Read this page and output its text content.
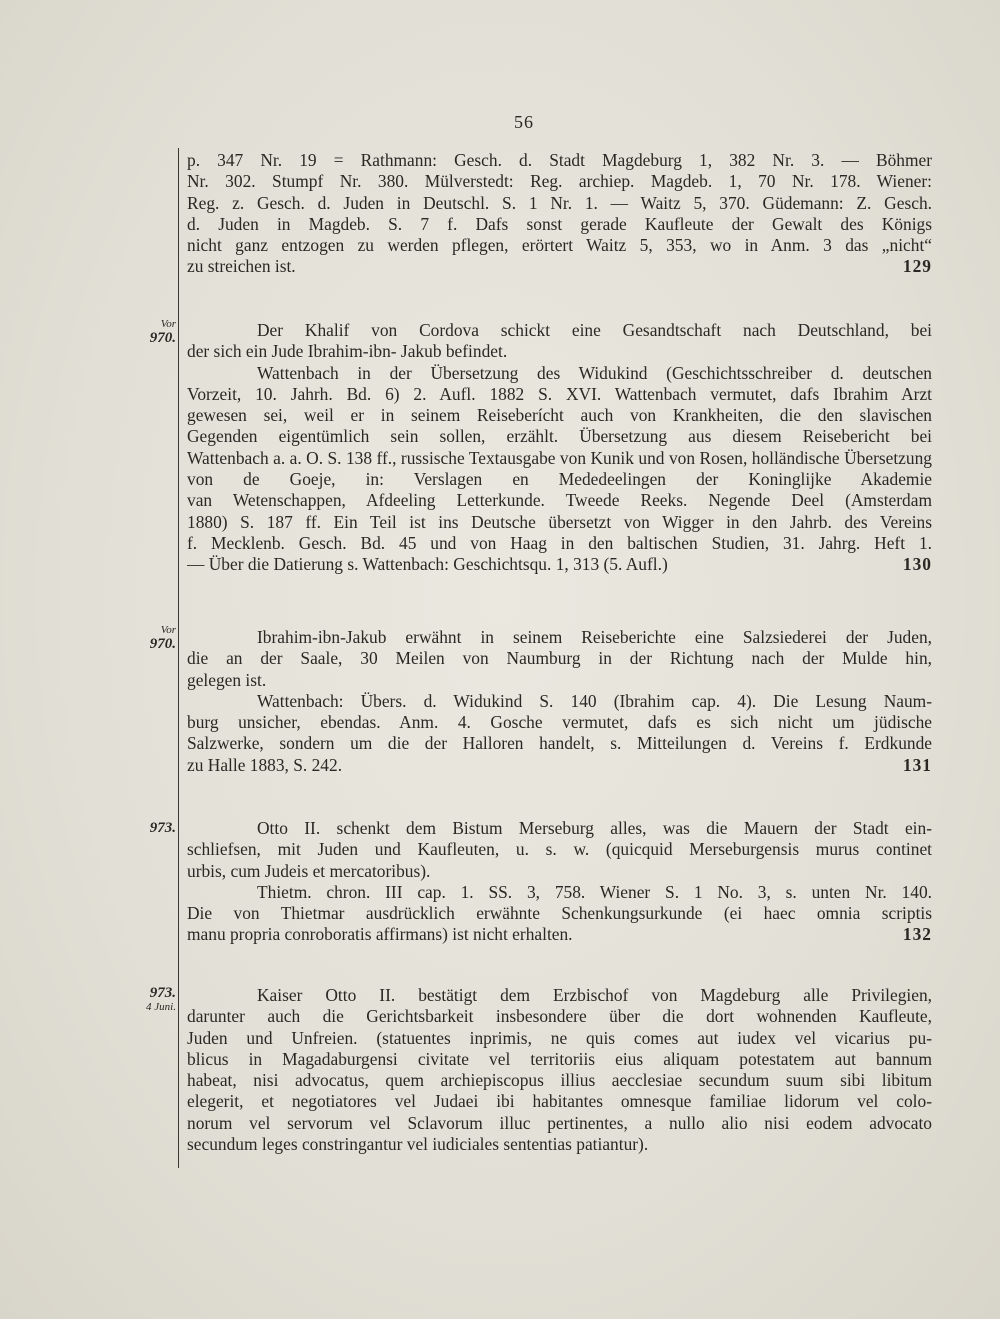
56
p. 347 Nr. 19 = Rathmann: Gesch. d. Stadt Magdeburg 1, 382 Nr. 3. — Böhmer
Nr. 302. Stumpf Nr. 380. Mülverstedt: Reg. archiep. Magdeb. 1, 70 Nr. 178. Wiener:
Reg. z. Gesch. d. Juden in Deutschl. S. 1 Nr. 1. — Waitz 5, 370. Güdemann: Z. Gesch.
d. Juden in Magdeb. S. 7 f. Dafs sonst gerade Kaufleute der Gewalt des Königs
nicht ganz entzogen zu werden pflegen, erörtert Waitz 5, 353, wo in Anm. 3 das „nicht“
zu streichen ist.	129
Vor
970.	Der Khalif von Cordova schickt eine Gesandtschaft nach Deutschland, bei
der sich ein Jude Ibrahim-ibn- Jakub befindet.
Wattenbach in der Übersetzung des Widukind (Geschichtsschreiber d. deutschen
Vorzeit, 10. Jahrh. Bd. 6) 2. Aufl. 1882 S. XVI. Wattenbach vermutet, dafs Ibrahim Arzt
gewesen sei, weil er in seinem Reiseberícht auch von Krankheiten, die den slavischen
Gegenden eigentümlich sein sollen, erzählt. Übersetzung aus diesem Reisebericht bei
Wattenbach a. a. O. S. 138 ff., russische Textausgabe von Kunik und von Rosen, holländische Übersetzung von de Goeje, in: Verslagen en Mededeelingen der Koninglijke Akademie
van Wetenschappen, Afdeeling Letterkunde. Tweede Reeks. Negende Deel (Amsterdam
1880) S. 187 ff. Ein Teil ist ins Deutsche übersetzt von Wigger in den Jahrb. des Vereins
f. Mecklenb. Gesch. Bd. 45 und von Haag in den baltischen Studien, 31. Jahrg. Heft 1.
— Über die Datierung s. Wattenbach: Geschichtsqu. 1, 313 (5. Aufl.)	130
Vor
970.	Ibrahim-ibn-Jakub erwähnt in seinem Reiseberichte eine Salzsiederei der Juden,
die an der Saale, 30 Meilen von Naumburg in der Richtung nach der Mulde hin,
gelegen ist.
Wattenbach: Übers. d. Widukind S. 140 (Ibrahim cap. 4). Die Lesung Naum-
burg unsicher, ebendas. Anm. 4. Gosche vermutet, dafs es sich nicht um jüdische
Salzwerke, sondern um die der Halloren handelt, s. Mitteilungen d. Vereins f. Erdkunde
zu Halle 1883, S. 242.	131
973.	Otto II. schenkt dem Bistum Merseburg alles, was die Mauern der Stadt ein-
schliefsen, mit Juden und Kaufleuten, u. s. w. (quicquid Merseburgensis murus continet
urbis, cum Judeis et mercatoribus).
Thietm. chron. III cap. 1. SS. 3, 758. Wiener S. 1 No. 3, s. unten Nr. 140.
Die von Thietmar ausdrücklich erwähnte Schenkungsurkunde (ei haec omnia scriptis
manu propria conroboratis affirmans) ist nicht erhalten.	132
973.
4 Juni.
Kaiser Otto II. bestätigt dem Erzbischof von Magdeburg alle Privilegien,
darunter auch die Gerichtsbarkeit insbesondere über die dort wohnenden Kaufleute,
Juden und Unfreien. (statuentes inprimis, ne quis comes aut iudex vel vicarius pu-
blicus in Magadaburgensi civitate vel territoriis eius aliquam potestatem aut bannum
habeat, nisi advocatus, quem archiepiscopus illius aecclesiae secundum suum sibi libitum
elegerit, et negotiatores vel Judaei ibi habitantes omnesque familiae lidorum vel colo-
norum vel servorum vel Sclavorum illuc pertinentes, a nullo alio nisi eodem advocato
secundum leges constringantur vel iudiciales sententias patiantur).
